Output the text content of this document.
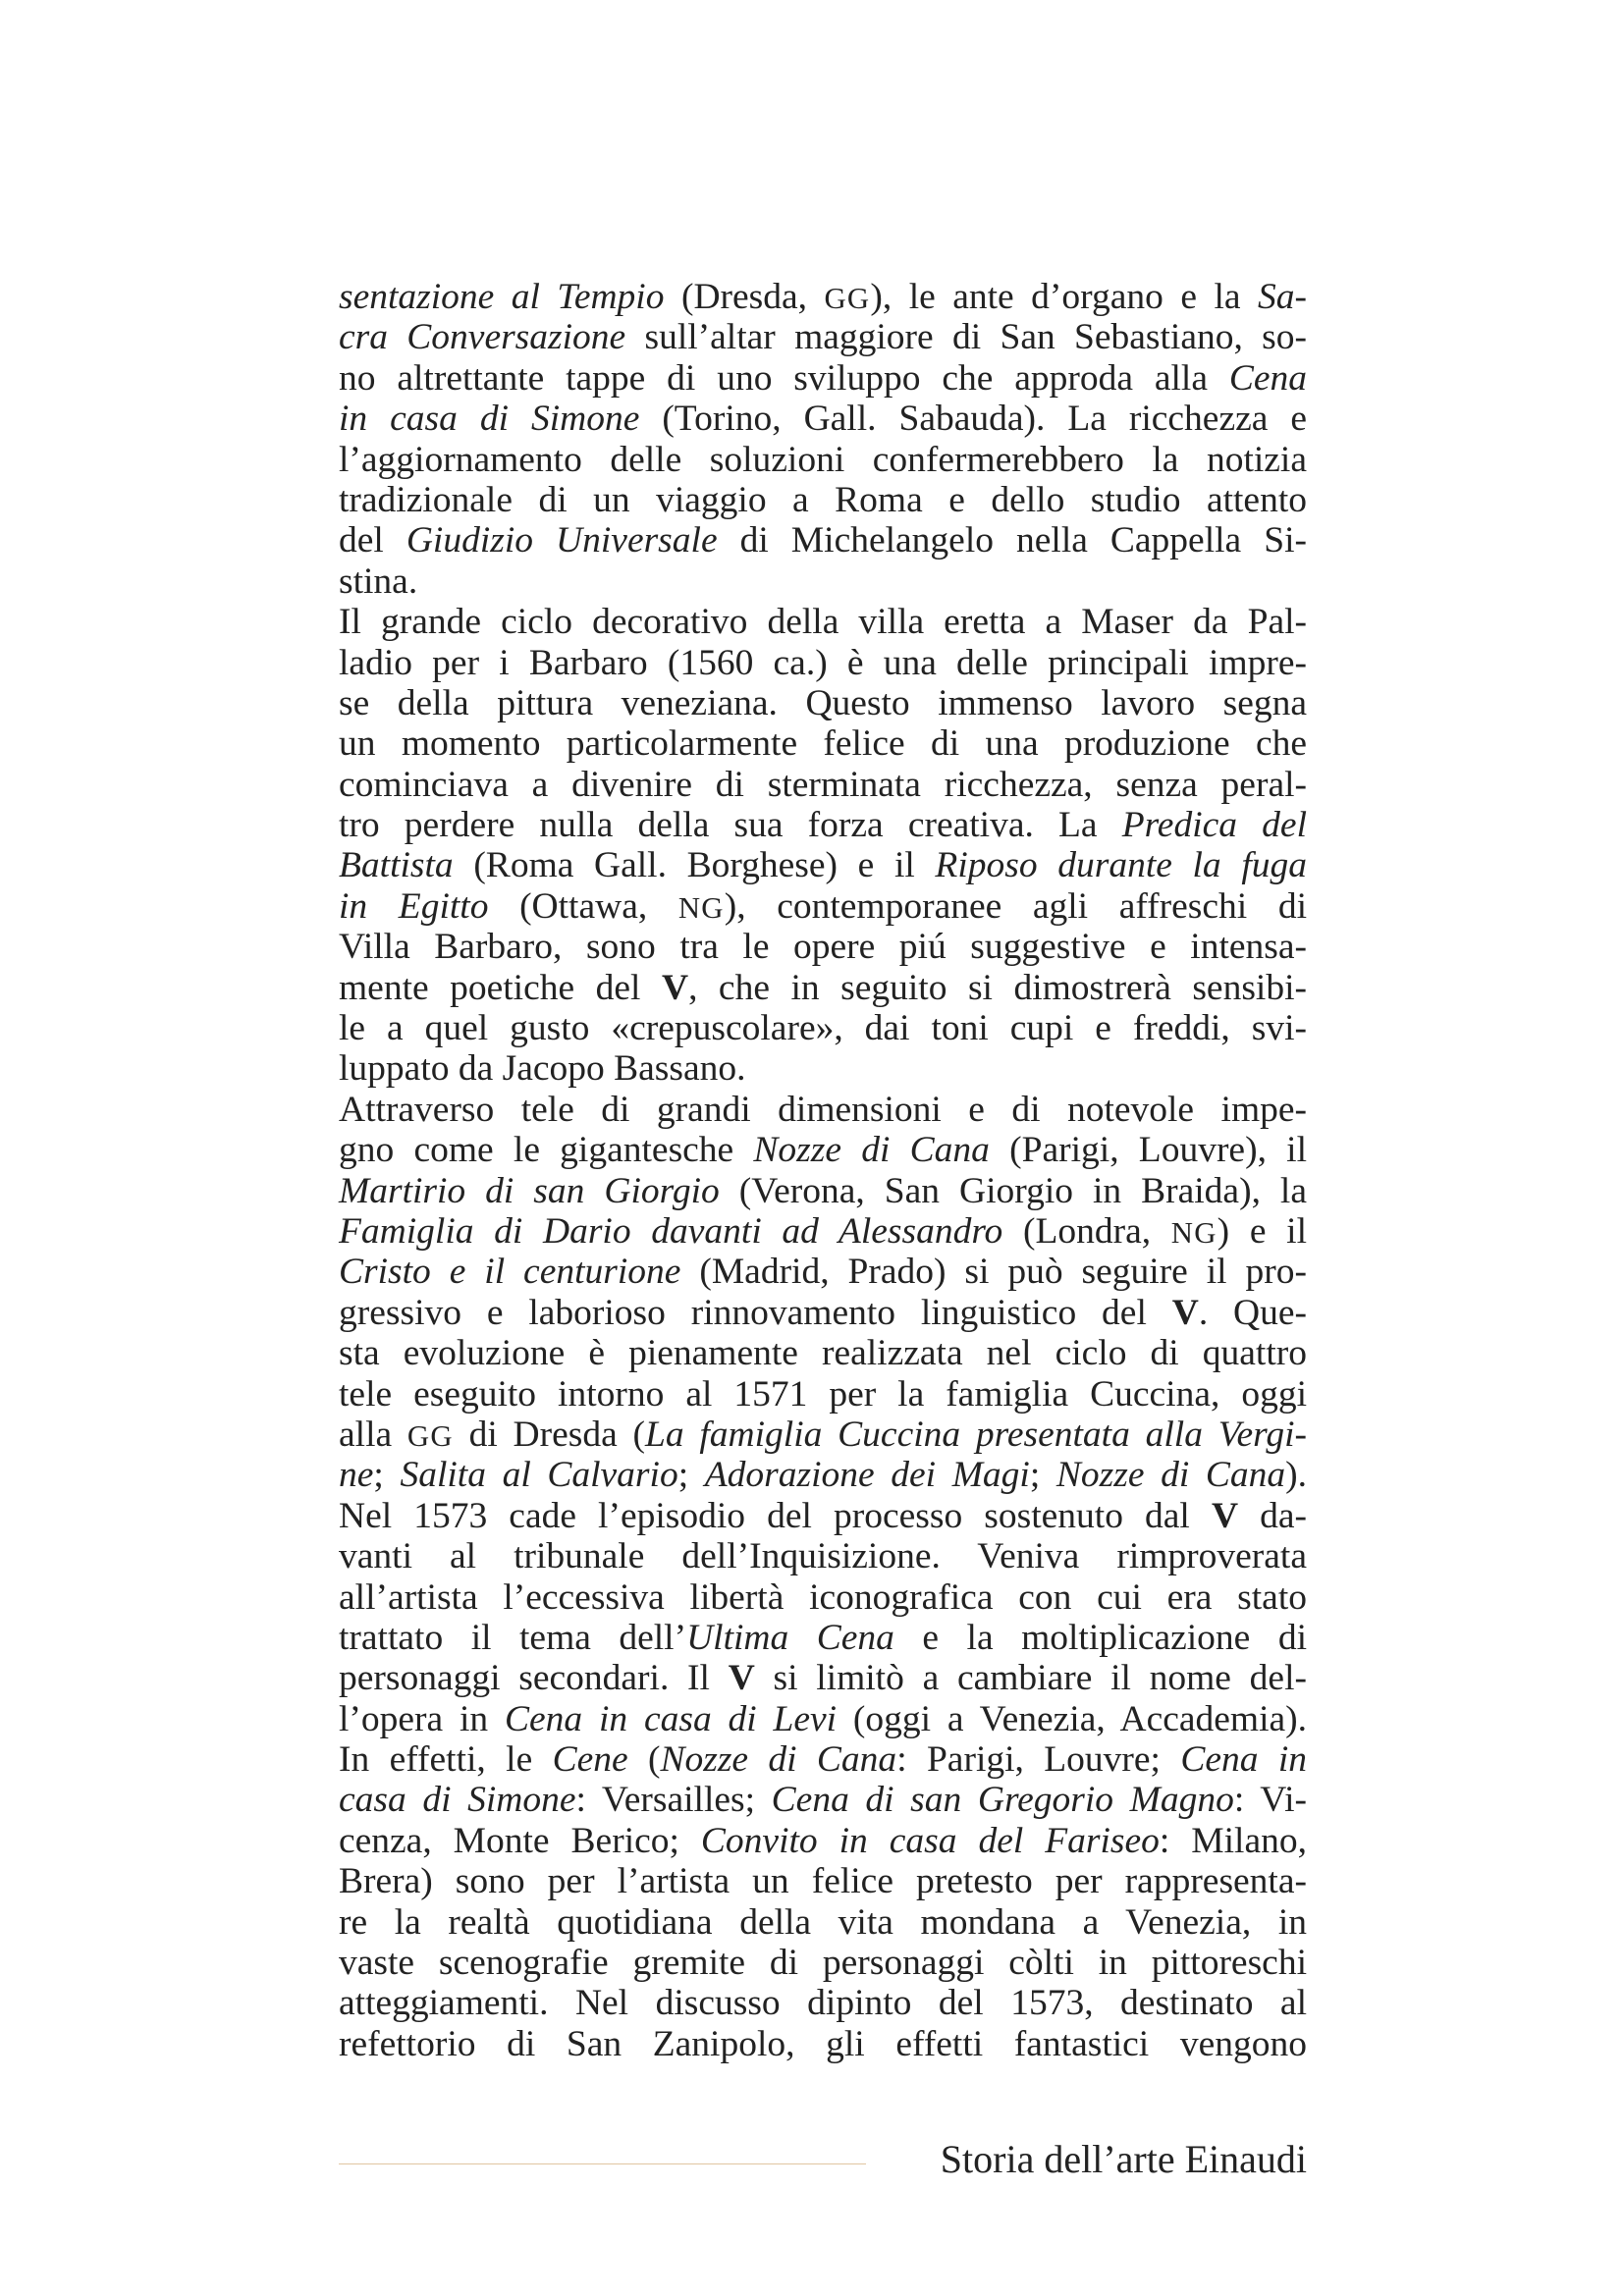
sentazione al Tempio (Dresda, GG), le ante d’organo e la Sa-
cra Conversazione sull’altar maggiore di San Sebastiano, so-
no altrettante tappe di uno sviluppo che approda alla Cena
in casa di Simone (Torino, Gall. Sabauda). La ricchezza e
l’aggiornamento delle soluzioni confermerebbero la notizia
tradizionale di un viaggio a Roma e dello studio attento
del Giudizio Universale di Michelangelo nella Cappella Si-
stina.
Il grande ciclo decorativo della villa eretta a Maser da Pal-
ladio per i Barbaro (1560 ca.) è una delle principali impre-
se della pittura veneziana. Questo immenso lavoro segna
un momento particolarmente felice di una produzione che
cominciava a divenire di sterminata ricchezza, senza peral-
tro perdere nulla della sua forza creativa. La Predica del
Battista (Roma Gall. Borghese) e il Riposo durante la fuga
in Egitto (Ottawa, NG), contemporanee agli affreschi di
Villa Barbaro, sono tra le opere piú suggestive e intensa-
mente poetiche del V, che in seguito si dimostrerà sensibi-
le a quel gusto «crepuscolare», dai toni cupi e freddi, svi-
luppato da Jacopo Bassano.
Attraverso tele di grandi dimensioni e di notevole impe-
gno come le gigantesche Nozze di Cana (Parigi, Louvre), il
Martirio di san Giorgio (Verona, San Giorgio in Braida), la
Famiglia di Dario davanti ad Alessandro (Londra, NG) e il
Cristo e il centurione (Madrid, Prado) si può seguire il pro-
gressivo e laborioso rinnovamento linguistico del V. Que-
sta evoluzione è pienamente realizzata nel ciclo di quattro
tele eseguito intorno al 1571 per la famiglia Cuccina, oggi
alla GG di Dresda (La famiglia Cuccina presentata alla Vergi-
ne; Salita al Calvario; Adorazione dei Magi; Nozze di Cana).
Nel 1573 cade l’episodio del processo sostenuto dal V da-
vanti al tribunale dell’Inquisizione. Veniva rimproverata
all’artista l’eccessiva libertà iconografica con cui era stato
trattato il tema dell’Ultima Cena e la moltiplicazione di
personaggi secondari. Il V si limitò a cambiare il nome del-
l’opera in Cena in casa di Levi (oggi a Venezia, Accademia).
In effetti, le Cene (Nozze di Cana: Parigi, Louvre; Cena in
casa di Simone: Versailles; Cena di san Gregorio Magno: Vi-
cenza, Monte Berico; Convito in casa del Fariseo: Milano,
Brera) sono per l’artista un felice pretesto per rappresenta-
re la realtà quotidiana della vita mondana a Venezia, in
vaste scenografie gremite di personaggi còlti in pittoreschi
atteggiamenti. Nel discusso dipinto del 1573, destinato al
refettorio di San Zanipolo, gli effetti fantastici vengono
Storia dell’arte Einaudi
